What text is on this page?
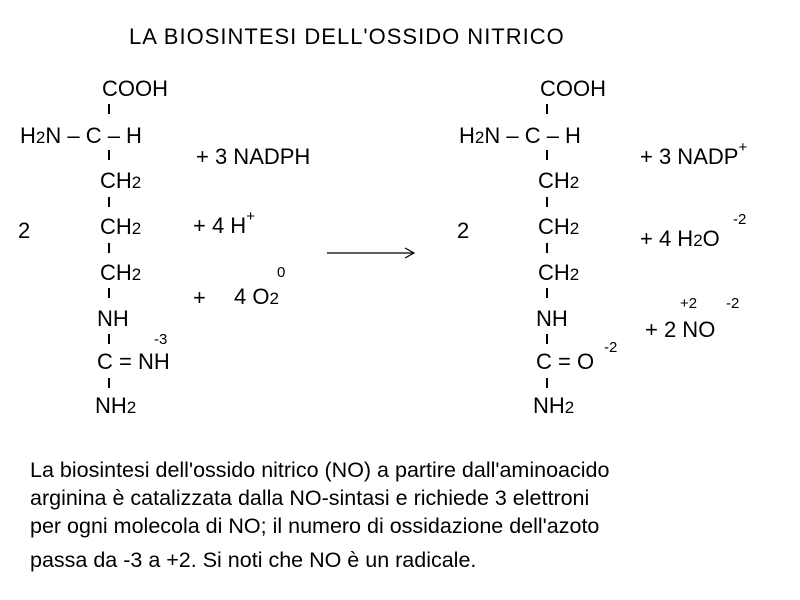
LA BIOSINTESI DELL'OSSIDO NITRICO
2
COOH
H2N – C – H
CH2
CH2
CH2
NH
C = NH
-3
NH2
+ 3 NADPH
+ 4 H+
+ 4 O2
0
2
COOH
H2N – C – H
CH2
CH2
CH2
NH
C = O
-2
NH2
+ 3 NADP+
+ 4 H2O
-2
+ 2 NO
+2 -2
La biosintesi dell'ossido nitrico (NO) a partire dall'aminoacido
arginina è catalizzata dalla NO-sintasi e richiede 3 elettroni
per ogni molecola di NO; il numero di ossidazione dell'azoto
passa da -3 a +2. Si noti che NO è un radicale.
